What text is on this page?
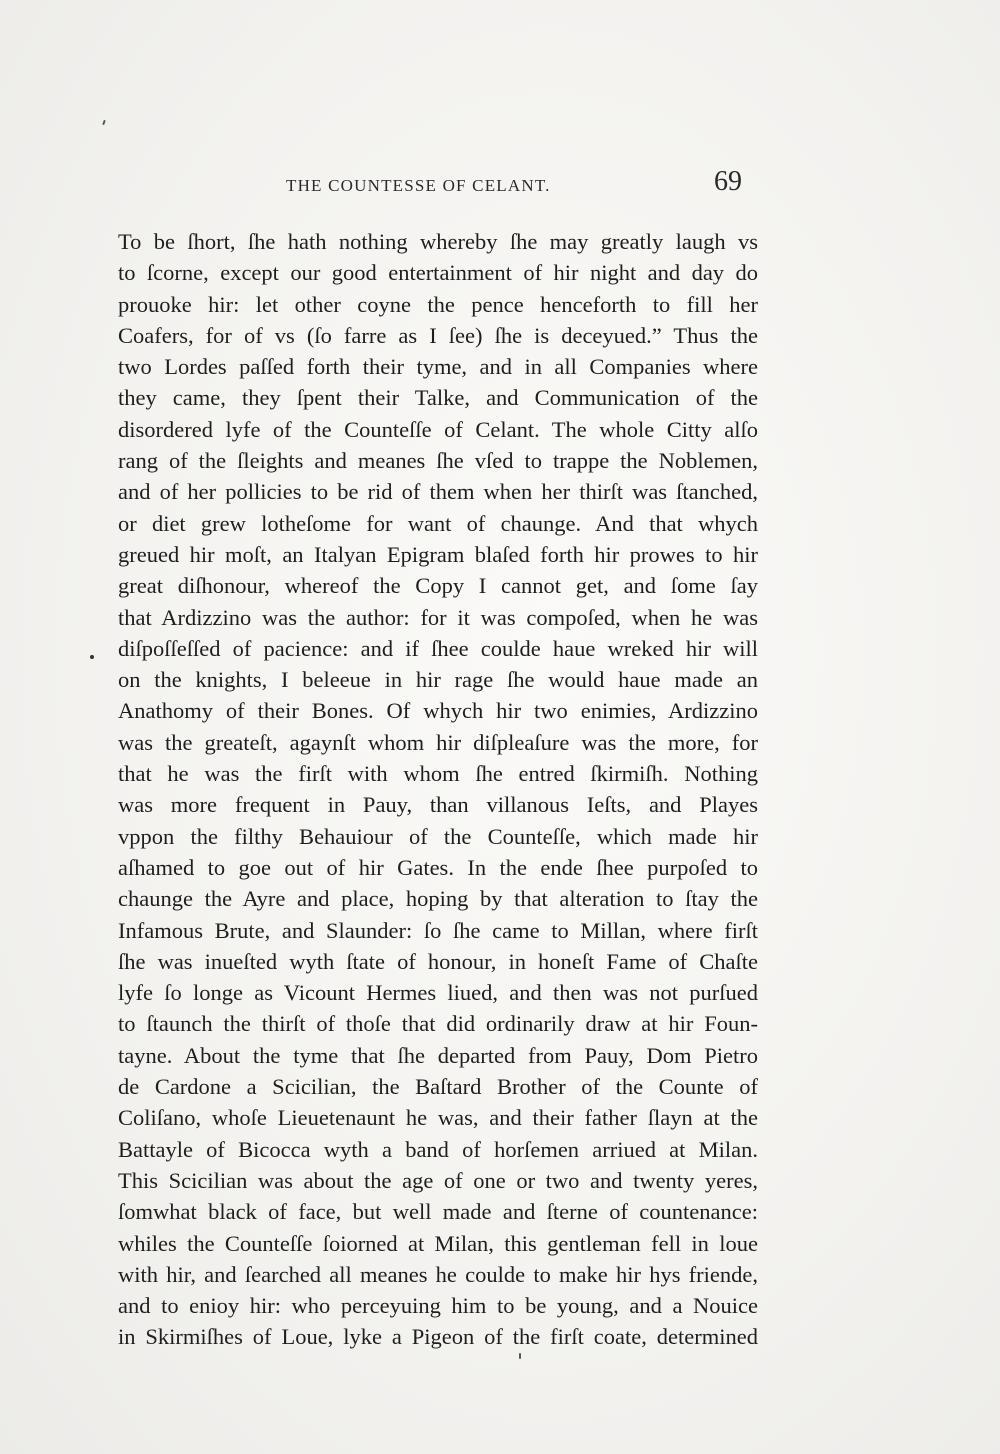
THE COUNTESSE OF CELANT.	69
To be ſhort, ſhe hath nothing whereby ſhe may greatly laugh vs
to ſcorne, except our good entertainment of hir night and day do
prouoke hir: let other coyne the pence henceforth to fill her
Coafers, for of vs (ſo farre as I ſee) ſhe is deceyued.” Thus the
two Lordes paſſed forth their tyme, and in all Companies where
they came, they ſpent their Talke, and Communication of the
disordered lyfe of the Counteſſe of Celant. The whole Citty alſo
rang of the ſleights and meanes ſhe vſed to trappe the Noblemen,
and of her pollicies to be rid of them when her thirſt was ſtanched,
or diet grew lotheſome for want of chaunge. And that whych
greued hir moſt, an Italyan Epigram blaſed forth hir prowes to hir
great diſhonour, whereof the Copy I cannot get, and ſome ſay
that Ardizzino was the author: for it was compoſed, when he was
diſpoſſeſſed of pacience: and if ſhee coulde haue wreked hir will
on the knights, I beleeue in hir rage ſhe would haue made an
Anathomy of their Bones. Of whych hir two enimies, Ardizzino
was the greateſt, agaynſt whom hir diſpleaſure was the more, for
that he was the firſt with whom ſhe entred ſkirmiſh. Nothing
was more frequent in Pauy, than villanous Ieſts, and Playes
vppon the filthy Behauiour of the Counteſſe, which made hir
aſhamed to goe out of hir Gates. In the ende ſhee purpoſed to
chaunge the Ayre and place, hoping by that alteration to ſtay the
Infamous Brute, and Slaunder: ſo ſhe came to Millan, where firſt
ſhe was inueſted wyth ſtate of honour, in honeſt Fame of Chaſte
lyfe ſo longe as Vicount Hermes liued, and then was not purſued
to ſtaunch the thirſt of thoſe that did ordinarily draw at hir Foun-
tayne. About the tyme that ſhe departed from Pauy, Dom Pietro
de Cardone a Scicilian, the Baſtard Brother of the Counte of
Coliſano, whoſe Lieuetenaunt he was, and their father ſlayn at the
Battayle of Bicocca wyth a band of horſemen arriued at Milan.
This Scicilian was about the age of one or two and twenty yeres,
ſomwhat black of face, but well made and ſterne of countenance:
whiles the Counteſſe ſoiorned at Milan, this gentleman fell in loue
with hir, and ſearched all meanes he coulde to make hir hys friende,
and to enioy hir: who perceyuing him to be young, and a Nouice
in Skirmiſhes of Loue, lyke a Pigeon of the firſt coate, determined
